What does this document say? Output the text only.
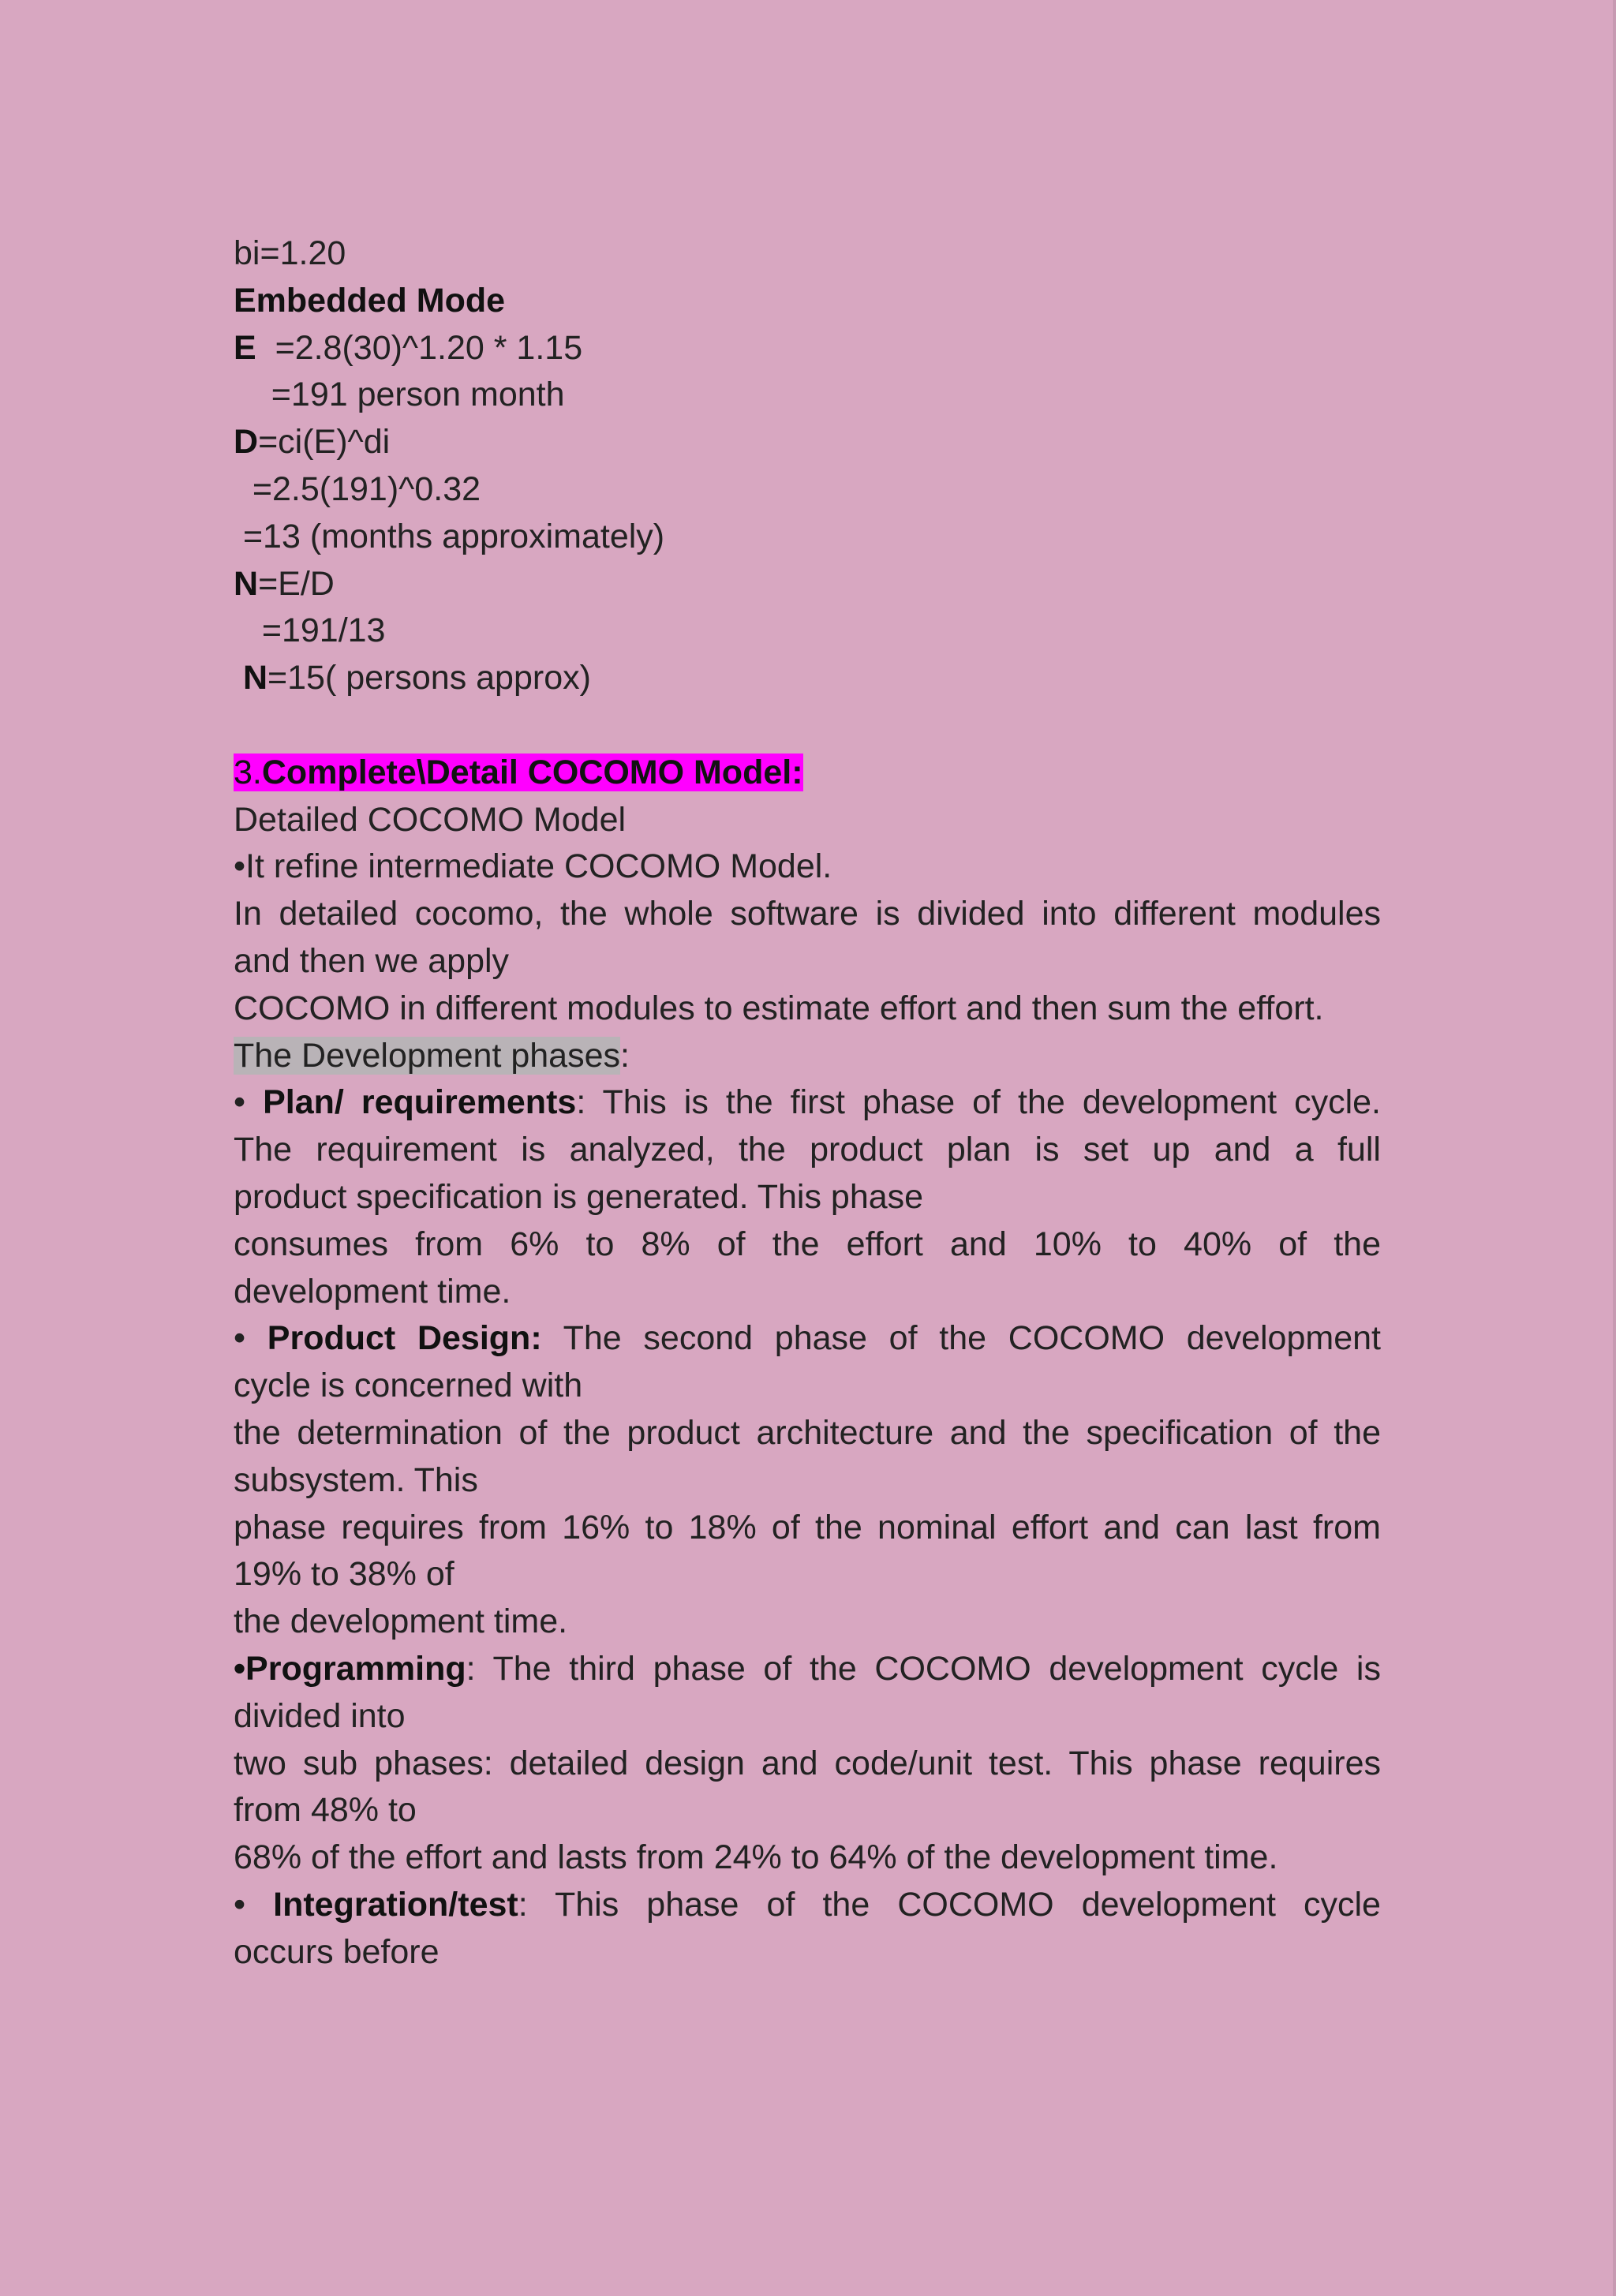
bi=1.20
Embedded Mode
E  =2.8(30)^1.20 * 1.15
=191 person month
D=ci(E)^di
=2.5(191)^0.32
=13 (months approximately)
N=E/D
=191/13
N=15( persons approx)
3.Complete\Detail COCOMO Model:
Detailed COCOMO Model
•It refine intermediate COCOMO Model.
In detailed cocomo, the whole software is divided into different modules
and then we apply
COCOMO in different modules to estimate effort and then sum the effort.
The Development phases:
• Plan/ requirements: This is the first phase of the development cycle.
The requirement is analyzed, the product plan is set up and a full
product specification is generated. This phase
consumes from 6% to 8% of the effort and 10% to 40% of the
development time.
• Product Design: The second phase of the COCOMO development
cycle is concerned with
the determination of the product architecture and the specification of the
subsystem. This
phase requires from 16% to 18% of the nominal effort and can last from
19% to 38% of
the development time.
•Programming: The third phase of the COCOMO development cycle is
divided into
two sub phases: detailed design and code/unit test. This phase requires
from 48% to
68% of the effort and lasts from 24% to 64% of the development time.
• Integration/test: This phase of the COCOMO development cycle
occurs before
